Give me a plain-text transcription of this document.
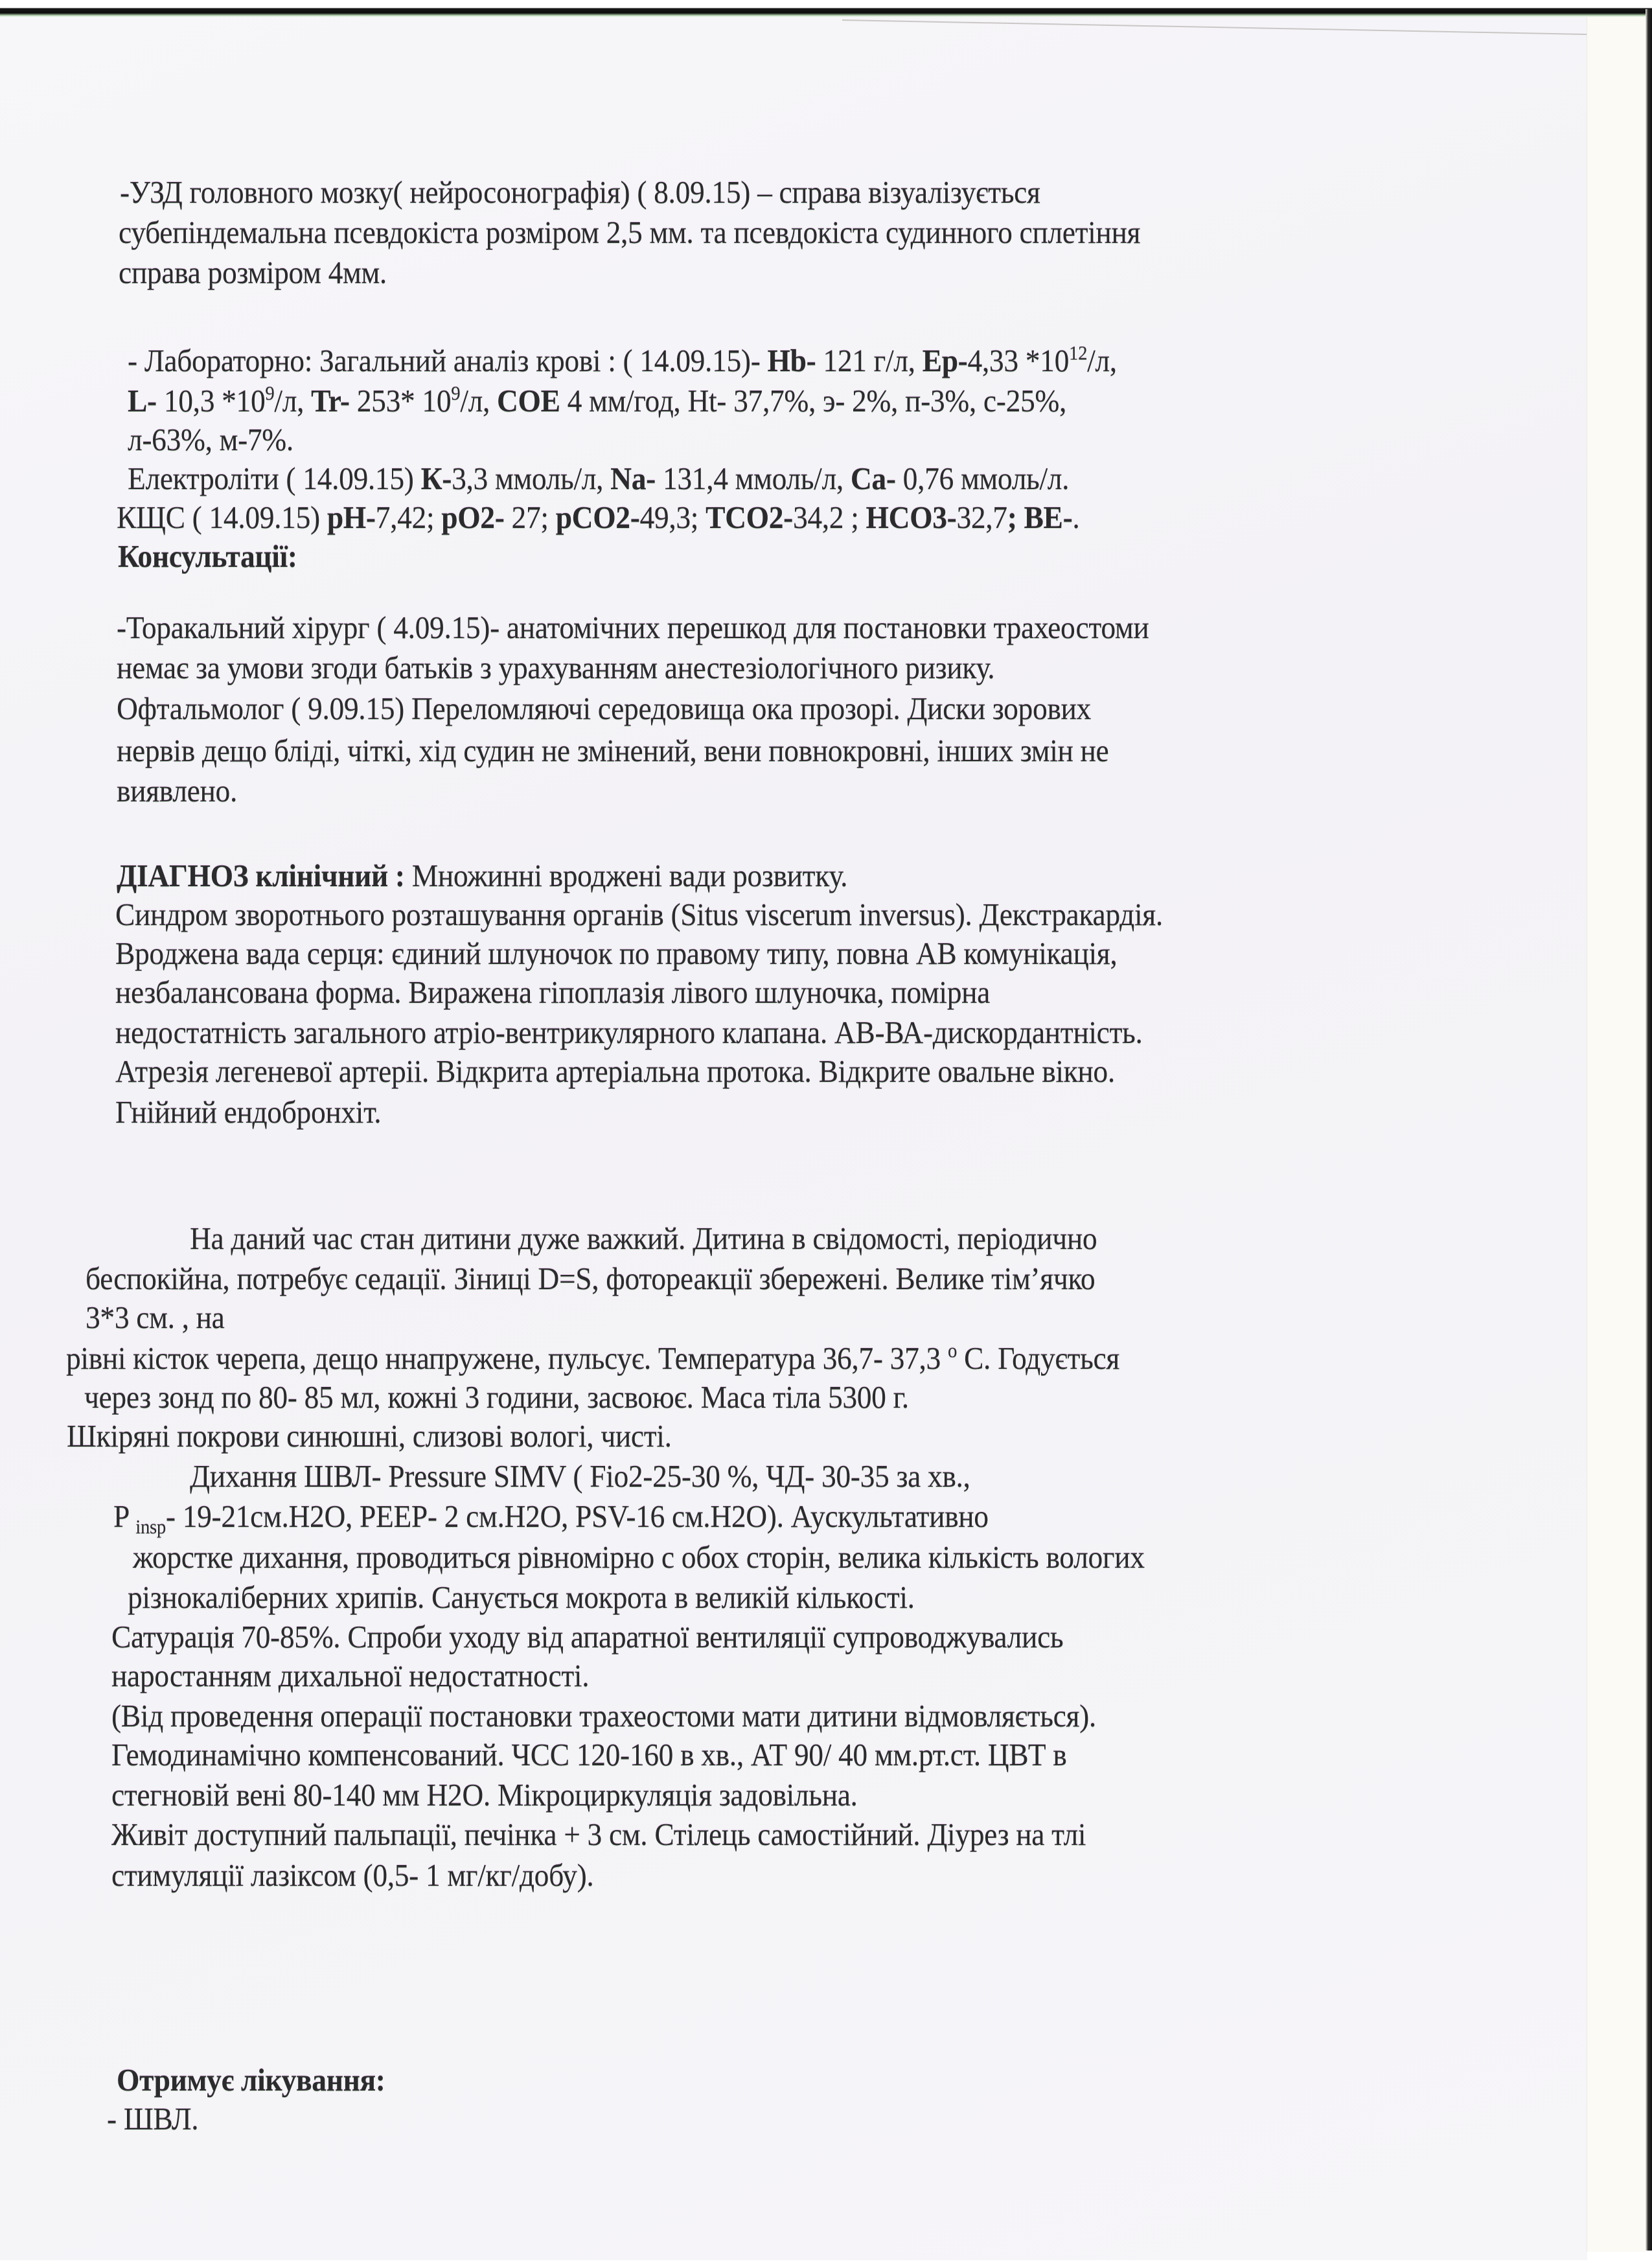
-УЗД головного мозку( нейросонографія) ( 8.09.15) – справа візуалізується
субепіндемальна псевдокіста розміром 2,5 мм. та псевдокіста судинного сплетіння
справа розміром 4мм.
- Лабораторно: Загальний аналіз крові : ( 14.09.15)- Hb- 121 г/л, Ер-4,33 $*10^{12}/л$,
L- 10,3 $*10^9/л$, Tr- 253* $10^9/л$, СОЕ 4 мм/год, Ht- 37,7%, э- 2%, п-3%, с-25%,
л-63%, м-7%.
Електроліти ( 14.09.15) К-3,3 ммоль/л, Na- 131,4 ммоль/л, Са- 0,76 ммоль/л.
КЩС ( 14.09.15) pH-7,42; pO2- 27; pCO2-49,3; TCO2-34,2 ; HCO3-32,7; BE-.
Консультації:
-Торакальний хірург ( 4.09.15)- анатомічних перешкод для постановки трахеостоми
немає за умови згоди батьків з урахуванням анестезіологічного ризику.
Офтальмолог ( 9.09.15) Переломляючі середовища ока прозорі. Диски зорових
нервів дещо бліді, чіткі, хід судин не змінений, вени повнокровні, інших змін не
виявлено.
ДІАГНОЗ клінічний : Множинні вроджені вади розвитку.
Синдром зворотнього розташування органів (Situs viscerum inversus). Декстракардія.
Вроджена вада серця: єдиний шлуночок по правому типу, повна АВ комунікація,
незбалансована форма. Виражена гіпоплазія лівого шлуночка, помірна
недостатність загального атріо-вентрикулярного клапана. АВ-ВА-дискордантність.
Атрезія легеневої артеріі. Відкрита артеріальна протока. Відкрите овальне вікно.
Гнійний ендобронхіт.
На даний час стан дитини дуже важкий. Дитина в свідомості, періодично
беспокійна, потребує седації. Зіниці D=S, фотореакції збережені. Велике тім’ячко
3*3 см. , на
рівні кісток черепа, дещо ннапружене, пульсує. Температура 36,7- 37,3 $^o$ С. Годується
через зонд по 80- 85 мл, кожні 3 години, засвоює. Маса тіла 5300 г.
Шкіряні покрови синюшні, слизові вологі, чисті.
Дихання ШВЛ- Pressure SIMV ( Fio2-25-30 %, ЧД- 30-35 за хв.,
P $_{insp}$- 19-21см.H2O, PEEP- 2 см.H2O, PSV-16 см.H2O). Аускультативно
жорстке дихання, проводиться рівномірно с обох сторін, велика кількість вологих
різнокаліберних хрипів. Санується мокрота в великій кількості.
Сатурація 70-85%. Спроби уходу від апаратної вентиляції супроводжувались
наростанням дихальної недостатності.
(Від проведення операції постановки трахеостоми мати дитини відмовляється).
Гемодинамічно компенсований. ЧСС 120-160 в хв., АТ 90/ 40 мм.рт.ст. ЦВТ в
стегновій вені 80-140 мм H2O. Мікроциркуляція задовільна.
Живіт доступний пальпації, печінка + 3 см. Стілець самостійний. Діурез на тлі
стимуляції лазіксом (0,5- 1 мг/кг/добу).
Отримує лікування:
- ШВЛ.
